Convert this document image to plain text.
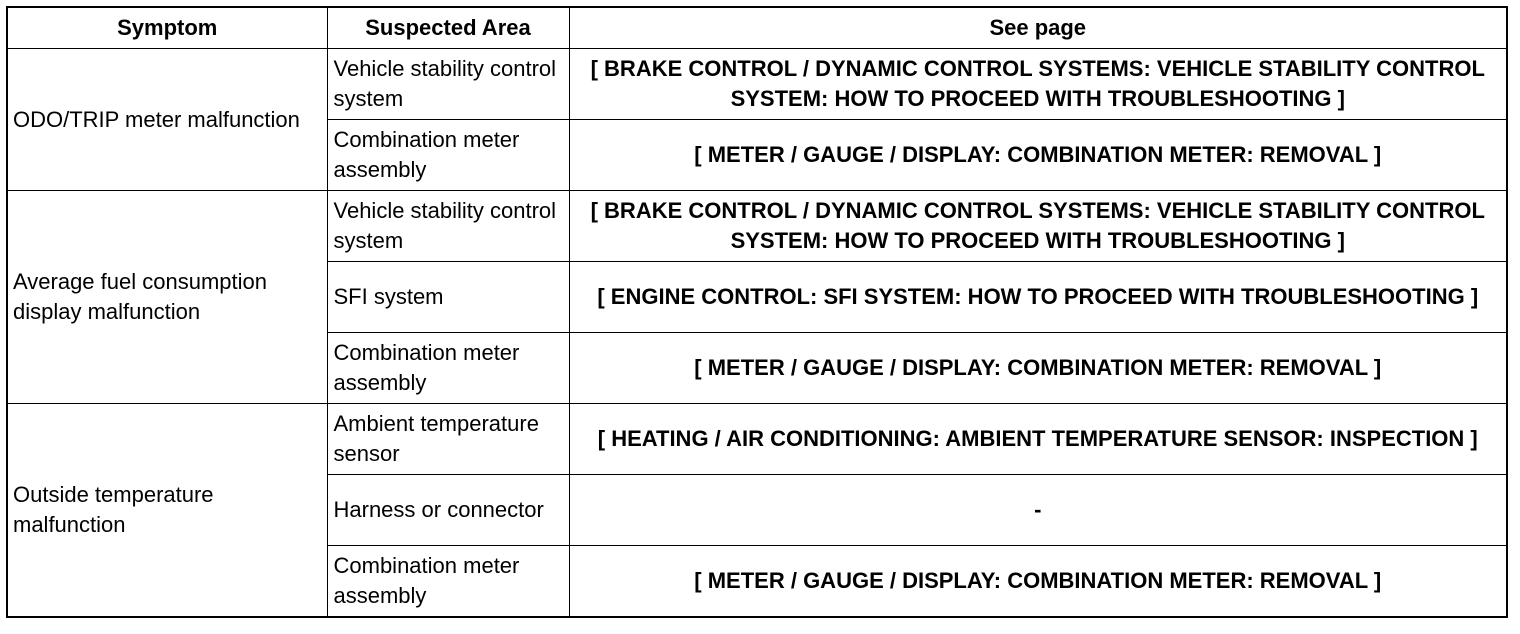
Symptom	Suspected Area	See page
ODO/TRIP meter malfunction	Vehicle stability control system	[ BRAKE CONTROL / DYNAMIC CONTROL SYSTEMS: VEHICLE STABILITY CONTROL SYSTEM: HOW TO PROCEED WITH TROUBLESHOOTING ]
	Combination meter assembly	[ METER / GAUGE / DISPLAY: COMBINATION METER: REMOVAL ]
Average fuel consumption display malfunction	Vehicle stability control system	[ BRAKE CONTROL / DYNAMIC CONTROL SYSTEMS: VEHICLE STABILITY CONTROL SYSTEM: HOW TO PROCEED WITH TROUBLESHOOTING ]
	SFI system	[ ENGINE CONTROL: SFI SYSTEM: HOW TO PROCEED WITH TROUBLESHOOTING ]
	Combination meter assembly	[ METER / GAUGE / DISPLAY: COMBINATION METER: REMOVAL ]
Outside temperature malfunction	Ambient temperature sensor	[ HEATING / AIR CONDITIONING: AMBIENT TEMPERATURE SENSOR: INSPECTION ]
	Harness or connector	-
	Combination meter assembly	[ METER / GAUGE / DISPLAY: COMBINATION METER: REMOVAL ]
